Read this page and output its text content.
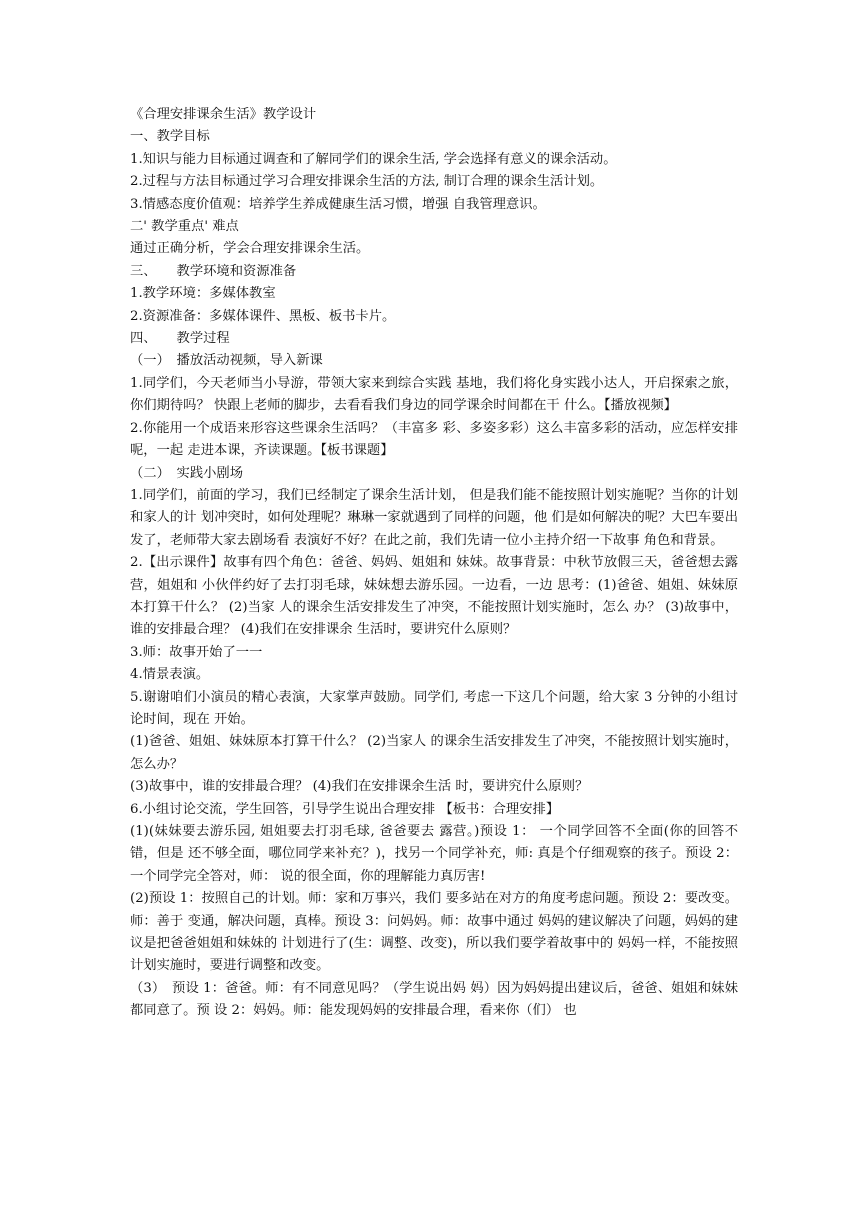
《合理安排课余生活》教学设计

一、教学目标

1.知识与能力目标通过调查和了解同学们的课余生活, 学会选择有意义的课余活动。

2.过程与方法目标通过学习合理安排课余生活的方法, 制订合理的课余生活计划。

3.情感态度价值观：培养学生养成健康生活习惯，增强 自我管理意识。

二' 教学重点' 难点

通过正确分析，学会合理安排课余生活。

三、　　教学环境和资源准备

1.教学环境：多媒体教室

2.资源准备：多媒体课件、黑板、板书卡片。

四、　　教学过程

（一）　播放活动视频，导入新课

1.同学们，今天老师当小导游，带领大家来到综合实践 基地，我们将化身实践小达人，开启探索之旅，你们期待吗？ 快跟上老师的脚步，去看看我们身边的同学课余时间都在干 什么。【播放视频】

2.你能用一个成语来形容这些课余生活吗？（丰富多 彩、多姿多彩）这么丰富多彩的活动，应怎样安排呢，一起 走进本课，齐读课题。【板书课题】

（二）　实践小剧场

1.同学们，前面的学习，我们已经制定了课余生活计划， 但是我们能不能按照计划实施呢？当你的计划和家人的计 划冲突时，如何处理呢？琳琳一家就遇到了同样的问题，他 们是如何解决的呢？大巴车要出发了，老师带大家去剧场看 表演好不好？在此之前，我们先请一位小主持介绍一下故事 角色和背景。

2.【出示课件】故事有四个角色：爸爸、妈妈、姐姐和 妹妹。故事背景：中秋节放假三天，爸爸想去露营，姐姐和 小伙伴约好了去打羽毛球，妹妹想去游乐园。一边看，一边 思考：(1)爸爸、姐姐、妹妹原本打算干什么？ (2)当家 人的课余生活安排发生了冲突，不能按照计划实施时，怎么 办？ (3)故事中，谁的安排最合理？ (4)我们在安排课余 生活时，要讲究什么原则？

3.师：故事开始了一一

4.情景表演。

5.谢谢咱们小演员的精心表演，大家掌声鼓励。同学们, 考虑一下这几个问题，给大家 3 分钟的小组讨论时间，现在 开始。

(1)爸爸、姐姐、妹妹原本打算干什么？ (2)当家人 的课余生活安排发生了冲突，不能按照计划实施时，怎么办？

(3)故事中，谁的安排最合理？ (4)我们在安排课余生活 时，要讲究什么原则？

6.小组讨论交流，学生回答，引导学生说出合理安排 【板书：合理安排】

(1)(妹妹要去游乐园, 姐姐要去打羽毛球, 爸爸要去 露营。)预设 1： 一个同学回答不全面(你的回答不错，但是 还不够全面，哪位同学来补充？)，找另一个同学补充，师: 真是个仔细观察的孩子。预设 2： 一个同学完全答对，师： 说的很全面，你的理解能力真厉害!

(2)预设 1：按照自己的计划。师：家和万事兴，我们 要多站在对方的角度考虑问题。预设 2：要改变。师：善于 变通，解决问题，真棒。预设 3：问妈妈。师：故事中通过 妈妈的建议解决了问题，妈妈的建议是把爸爸姐姐和妹妹的 计划进行了(生：调整、改变)，所以我们要学着故事中的 妈妈一样，不能按照计划实施时，要进行调整和改变。

（3）　预设 1：爸爸。师：有不同意见吗？（学生说出妈 妈）因为妈妈提出建议后，爸爸、姐姐和妹妹都同意了。预 设 2：妈妈。师：能发现妈妈的安排最合理，看来你（们） 也
